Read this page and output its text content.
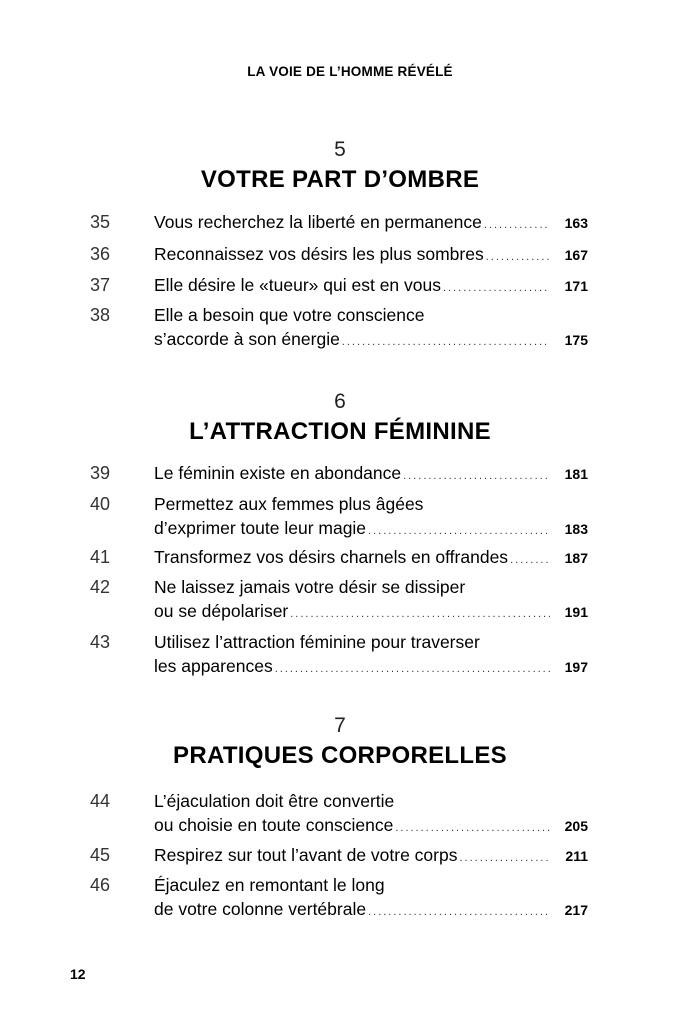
LA VOIE DE L’HOMME RÉVÉLÉ
5
VOTRE PART D’OMBRE
35	Vous recherchez la liberté en permanence .....	163
36	Reconnaissez vos désirs les plus sombres .....	167
37	Elle désire le «tueur» qui est en vous .....	171
38	Elle a besoin que votre conscience
s’accorde à son énergie .....	175
6
L’ATTRACTION FÉMININE
39	Le féminin existe en abondance .....	181
40	Permettez aux femmes plus âgées
d’exprimer toute leur magie .....	183
41	Transformez vos désirs charnels en offrandes .....	187
42	Ne laissez jamais votre désir se dissiper
ou se dépolariser .....	191
43	Utilisez l’attraction féminine pour traverser
les apparences .....	197
7
PRATIQUES CORPORELLES
44	L’éjaculation doit être convertie
ou choisie en toute conscience .....	205
45	Respirez sur tout l’avant de votre corps .....	211
46	Éjaculez en remontant le long
de votre colonne vertébrale .....	217
12
